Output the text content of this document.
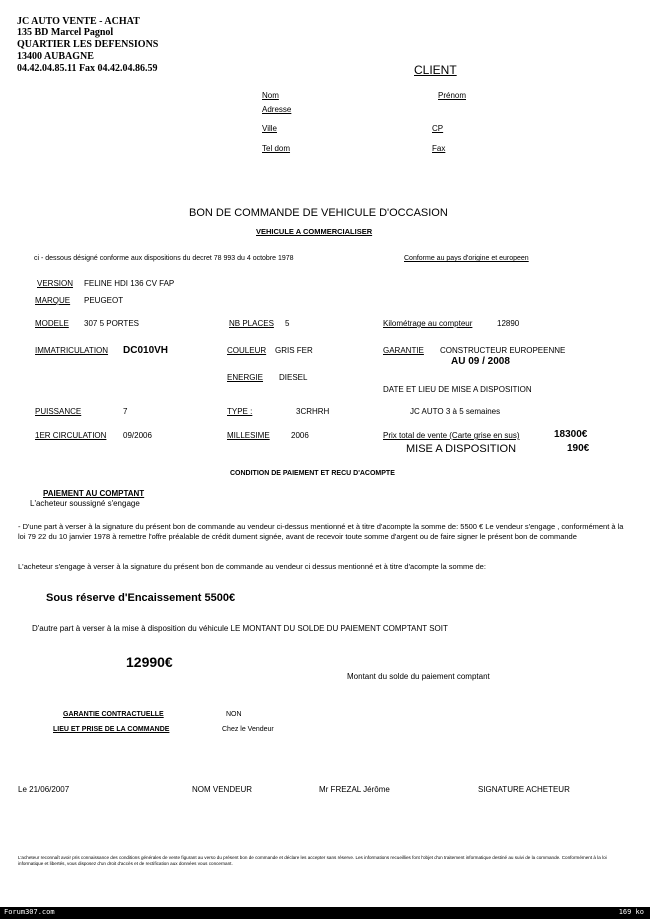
JC AUTO VENTE - ACHAT
135 BD Marcel Pagnol
QUARTIER LES DEFENSIONS
13400 AUBAGNE
04.42.04.85.11 Fax 04.42.04.86.59	CLIENT
Nom	Prénom
Adresse
Ville	CP
Tel dom	Fax
BON DE COMMANDE DE VEHICULE D'OCCASION
VEHICULE A COMMERCIALISER
ci - dessous désigné conforme aux dispositions du decret 78 993 du 4 octobre 1978	Conforme au pays d'origine et europeen
VERSION FELINE HDI 136 CV FAP
MARQUE PEUGEOT
MODELE 307 5 PORTES	NB PLACES 5	Kilométrage au compteur	12890
IMMATRICULATION DC010VH	COULEUR GRIS FER	GARANTIE CONSTRUCTEUR EUROPEENNE
AU 09 / 2008
ENERGIE DIESEL
DATE ET LIEU DE MISE A DISPOSITION
PUISSANCE	7	TYPE :	3CRHRH	JC AUTO 3 à 5 semaines
1ER CIRCULATION 09/2006	MILLESIME	2006	Prix total de vente (Carte grise en sus)	18300€
MISE A DISPOSITION	190€
CONDITION DE PAIEMENT ET RECU D'ACOMPTE
PAIEMENT AU COMPTANT
L'acheteur soussigné s'engage
- D'une part à verser à la signature du présent bon de commande au vendeur ci-dessus mentionné et à titre d'acompte la somme de: 5500 € Le vendeur s'engage , conformément à la loi 79 22 du 10 janvier 1978 à remettre l'offre préalable de crédit dument signée, avant de recevoir toute somme d'argent ou de faire signer le présent bon de commande
L'acheteur s'engage à verser à la signature du présent bon de commande au vendeur ci dessus mentionné et à titre d'acompte la somme de:
Sous réserve d'Encaissement 5500€
D'autre part à verser à la mise à disposition du véhicule LE MONTANT DU SOLDE DU PAIEMENT COMPTANT SOIT
12990€
Montant du solde du paiement comptant
GARANTIE CONTRACTUELLE	NON
LIEU ET PRISE DE LA COMMANDE	Chez le Vendeur
Le 21/06/2007	NOM VENDEUR	Mr FREZAL Jérôme	SIGNATURE ACHETEUR
L'acheteur reconnaît avoir pris connaissance des conditions générales de vente figurant au verso du présent bon de commande et déclare les accepter sans réserve. Les informations recueillies font l'objet d'un traitement informatique destiné au suivi de la commande. Conformément à la loi informatique et libertés, vous disposez d'un droit d'accès et de rectification aux données vous concernant.
Forum307.com	169 ko
